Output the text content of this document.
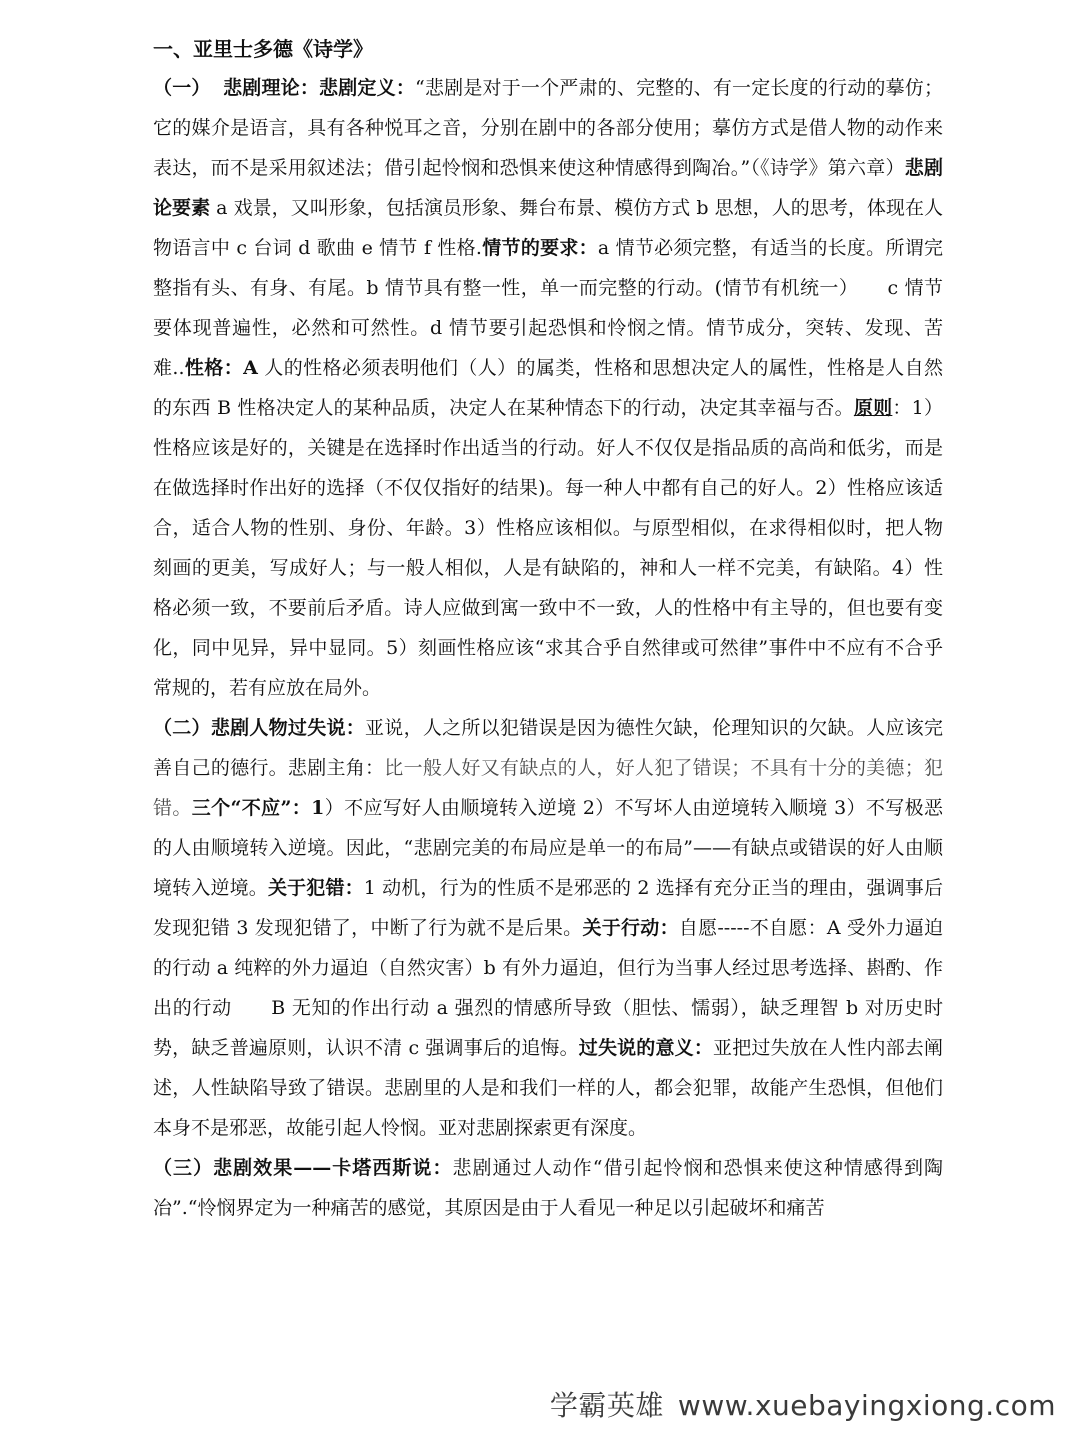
一、亚里士多德《诗学》

（一） 悲剧理论：悲剧定义：“悲剧是对于一个严肃的、完整的、有一定长度的行动的摹仿；它的媒介是语言，具有各种悦耳之音，分别在剧中的各部分使用；摹仿方式是借人物的动作来表达，而不是采用叙述法；借引起怜悯和恐惧来使这种情感得到陶冶。”（《诗学》第六章）悲剧论要素 a 戏景，又叫形象，包括演员形象、舞台布景、模仿方式 b 思想，人的思考，体现在人物语言中 c 台词 d 歌曲 e 情节 f 性格.情节的要求：a 情节必须完整，有适当的长度。所谓完整指有头、有身、有尾。b 情节具有整一性，单一而完整的行动。(情节有机统一）　　c 情节要体现普遍性，必然和可然性。d 情节要引起恐惧和怜悯之情。情节成分，突转、发现、苦难..性格：A 人的性格必须表明他们（人）的属类，性格和思想决定人的属性，性格是人自然的东西 B 性格决定人的某种品质，决定人在某种情态下的行动，决定其幸福与否。原则：1）性格应该是好的，关键是在选择时作出适当的行动。好人不仅仅是指品质的高尚和低劣，而是在做选择时作出好的选择（不仅仅指好的结果)。每一种人中都有自己的好人。2）性格应该适合，适合人物的性别、身份、年龄。3）性格应该相似。与原型相似，在求得相似时，把人物刻画的更美，写成好人；与一般人相似，人是有缺陷的，神和人一样不完美，有缺陷。4）性格必须一致，不要前后矛盾。诗人应做到寓一致中不一致，人的性格中有主导的，但也要有变化，同中见异，异中显同。5）刻画性格应该“求其合乎自然律或可然律”事件中不应有不合乎常规的，若有应放在局外。

（二）悲剧人物过失说：亚说，人之所以犯错误是因为德性欠缺，伦理知识的欠缺。人应该完善自己的德行。悲剧主角：比一般人好又有缺点的人，好人犯了错误；不具有十分的美德；犯错。三个“不应”：1）不应写好人由顺境转入逆境 2）不写坏人由逆境转入顺境 3）不写极恶的人由顺境转入逆境。因此，“悲剧完美的布局应是单一的布局”——有缺点或错误的好人由顺境转入逆境。关于犯错：1 动机，行为的性质不是邪恶的 2 选择有充分正当的理由，强调事后发现犯错 3 发现犯错了，中断了行为就不是后果。关于行动：自愿-----不自愿：A 受外力逼迫的行动 a 纯粹的外力逼迫（自然灾害）b 有外力逼迫，但行为当事人经过思考选择、斟酌、作出的行动　　B 无知的作出行动 a 强烈的情感所导致（胆怯、懦弱），缺乏理智 b 对历史时势，缺乏普遍原则，认识不清 c 强调事后的追悔。过失说的意义：亚把过失放在人性内部去阐述，人性缺陷导致了错误。悲剧里的人是和我们一样的人，都会犯罪，故能产生恐惧，但他们本身不是邪恶，故能引起人怜悯。亚对悲剧探索更有深度。

（三）悲剧效果——卡塔西斯说：悲剧通过人动作“借引起怜悯和恐惧来使这种情感得到陶冶”.“怜悯界定为一种痛苦的感觉，其原因是由于人看见一种足以引起破坏和痛苦

学霸英雄 www.xuebayingxiong.com
